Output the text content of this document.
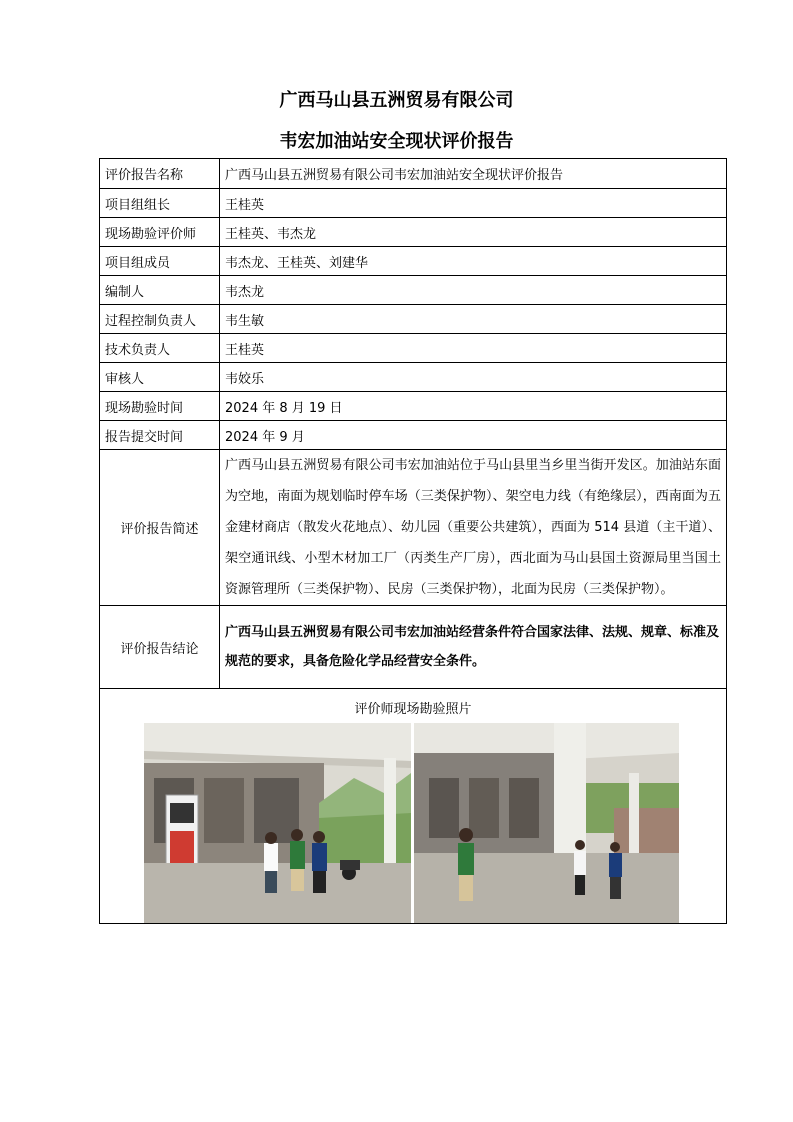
广西马山县五洲贸易有限公司
韦宏加油站安全现状评价报告
评价报告名称	广西马山县五洲贸易有限公司韦宏加油站安全现状评价报告
项目组组长	王桂英
现场勘验评价师	王桂英、韦杰龙
项目组成员	韦杰龙、王桂英、刘建华
编制人	韦杰龙
过程控制负责人	韦生敏
技术负责人	王桂英
审核人	韦姣乐
现场勘验时间	2024 年 8 月 19 日
报告提交时间	2024 年 9 月
评价报告简述	广西马山县五洲贸易有限公司韦宏加油站位于马山县里当乡里当街开发区。加油站东面为空地，南面为规划临时停车场（三类保护物）、架空电力线（有绝缘层），西南面为五金建材商店（散发火花地点）、幼儿园（重要公共建筑），西面为 514 县道（主干道）、架空通讯线、小型木材加工厂（丙类生产厂房），西北面为马山县国土资源局里当国土资源管理所（三类保护物）、民房（三类保护物），北面为民房（三类保护物）。
评价报告结论	广西马山县五洲贸易有限公司韦宏加油站经营条件符合国家法律、法规、规章、标准及规范的要求，具备危险化学品经营安全条件。

评价师现场勘验照片	
